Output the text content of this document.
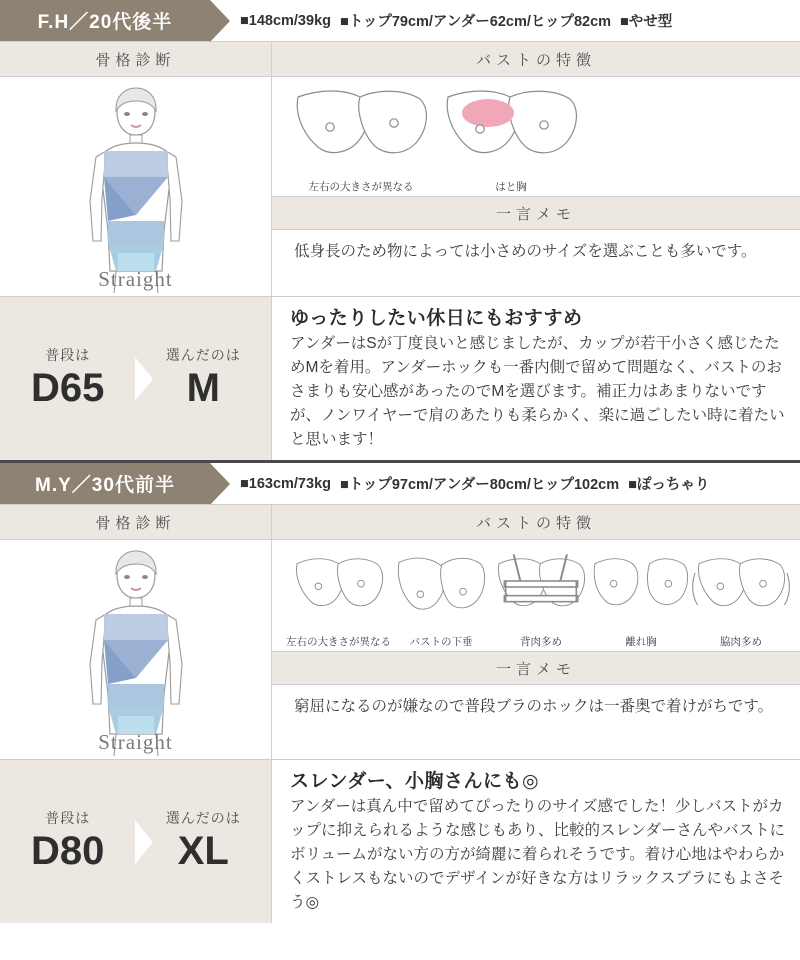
F.H／20代後半	■148cm/39kg ■トップ79cm/アンダー62cm/ヒップ82cm ■やせ型
骨格診断
Straight
バストの特徴
左右の大きさが異なる	はと胸
一言メモ
低身長のため物によっては小さめのサイズを選ぶことも多いです。
普段は
D65
選んだのは
M
ゆったりしたい休日にもおすすめ
アンダーはSが丁度良いと感じましたが、カップが若干小さく感じたためMを着用。アンダーホックも一番内側で留めて問題なく、バストのおさまりも安心感があったのでMを選びます。補正力はあまりないですが、ノンワイヤーで肩のあたりも柔らかく、楽に過ごしたい時に着たいと思います！
M.Y／30代前半	■163cm/73kg ■トップ97cm/アンダー80cm/ヒップ102cm ■ぽっちゃり
骨格診断
Straight
バストの特徴
左右の大きさが異なる	バストの下垂	背肉多め	離れ胸	脇肉多め
一言メモ
窮屈になるのが嫌なので普段ブラのホックは一番奥で着けがちです。
普段は
D80
選んだのは
XL
スレンダー、小胸さんにも◎
アンダーは真ん中で留めてぴったりのサイズ感でした！少しバストがカップに抑えられるような感じもあり、比較的スレンダーさんやバストにボリュームがない方の方が綺麗に着られそうです。着け心地はやわらかくストレスもないのでデザインが好きな方はリラックスブラにもよさそう◎
